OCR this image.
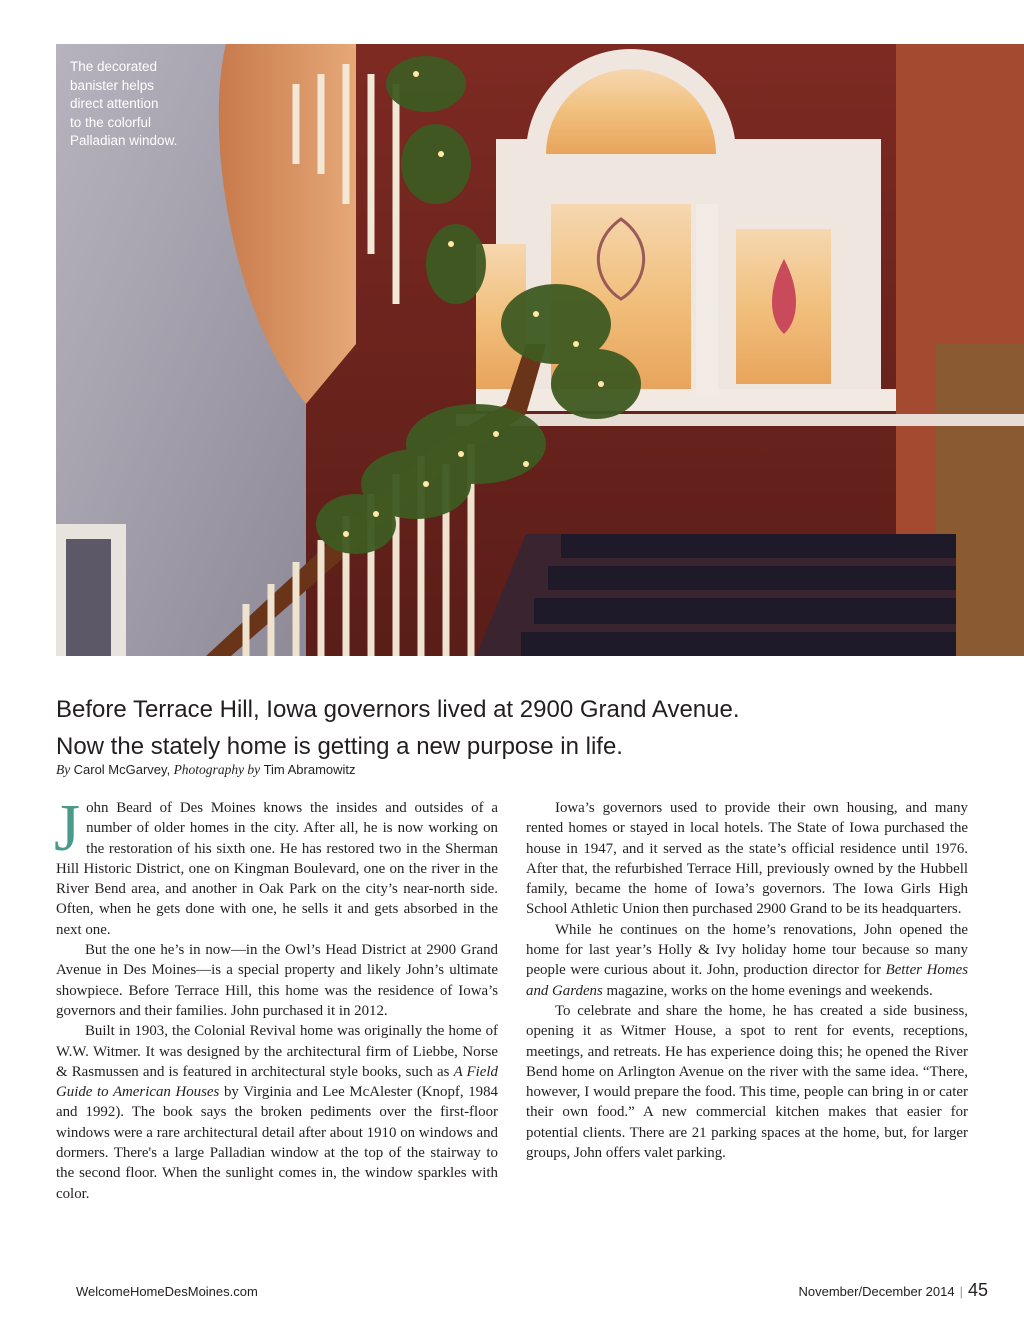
The decorated
banister helps
direct attention
to the colorful
Palladian window.
Before Terrace Hill, Iowa governors lived at 2900 Grand Avenue.
Now the stately home is getting a new purpose in life.
By Carol McGarvey, Photography by Tim Abramowitz

John Beard of Des Moines knows the insides and outsides of a number of older homes in the city. After all, he is now working on the restoration of his sixth one. He has restored two in the Sherman Hill Historic District, one on Kingman Boulevard, one on the river in the River Bend area, and another in Oak Park on the city’s near-north side. Often, when he gets done with one, he sells it and gets absorbed in the next one.

But the one he’s in now—in the Owl’s Head District at 2900 Grand Avenue in Des Moines—is a special property and likely John’s ultimate showpiece. Before Terrace Hill, this home was the residence of Iowa’s governors and their families. John purchased it in 2012.

Built in 1903, the Colonial Revival home was originally the home of W.W. Witmer. It was designed by the architectural firm of Liebbe, Norse & Rasmussen and is featured in architectural style books, such as A Field Guide to American Houses by Virginia and Lee McAlester (Knopf, 1984 and 1992). The book says the broken pediments over the first-floor windows were a rare architectural detail after about 1910 on windows and dormers. There's a large Palladian window at the top of the stairway to the second floor. When the sunlight comes in, the window sparkles with color.

Iowa’s governors used to provide their own housing, and many rented homes or stayed in local hotels. The State of Iowa purchased the house in 1947, and it served as the state’s official residence until 1976. After that, the refurbished Terrace Hill, previously owned by the Hubbell family, became the home of Iowa’s governors. The Iowa Girls High School Athletic Union then purchased 2900 Grand to be its headquarters.

While he continues on the home’s renovations, John opened the home for last year’s Holly & Ivy holiday home tour because so many people were curious about it. John, production director for Better Homes and Gardens magazine, works on the home evenings and weekends.

To celebrate and share the home, he has created a side business, opening it as Witmer House, a spot to rent for events, receptions, meetings, and retreats. He has experience doing this; he opened the River Bend home on Arlington Avenue on the river with the same idea. “There, however, I would prepare the food. This time, people can bring in or cater their own food.” A new commercial kitchen makes that easier for potential clients. There are 21 parking spaces at the home, but, for larger groups, John offers valet parking.

WelcomeHomeDesMoines.com	November/December 2014 | 45
